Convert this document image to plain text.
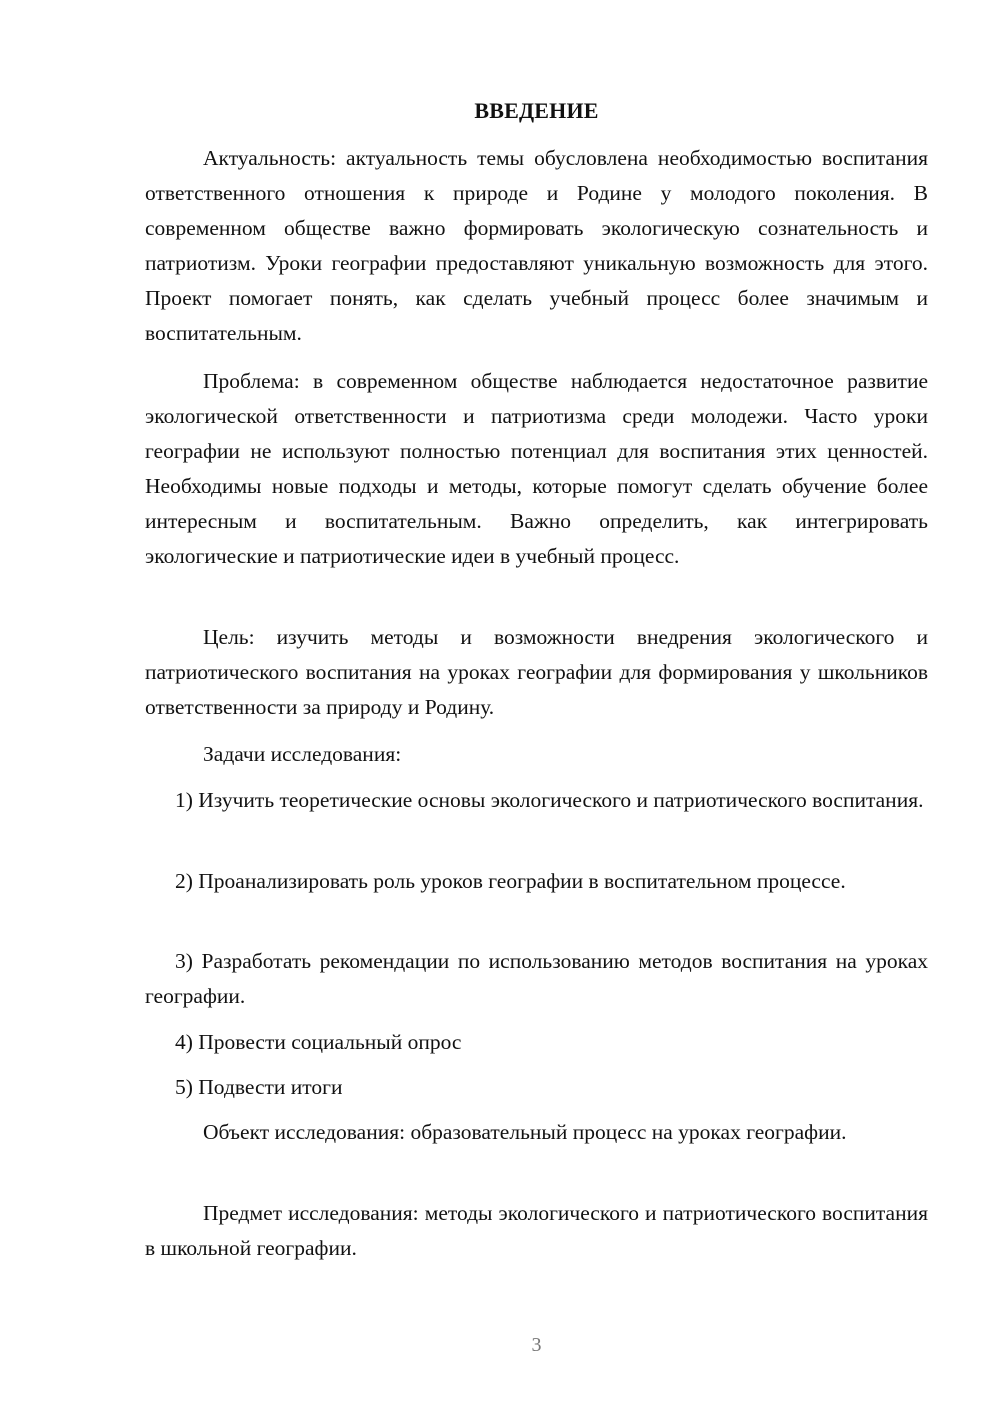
ВВЕДЕНИЕ

Актуальность: актуальность темы обусловлена необходимостью воспитания ответственного отношения к природе и Родине у молодого поколения. В современном обществе важно формировать экологическую сознательность и патриотизм. Уроки географии предоставляют уникальную возможность для этого. Проект помогает понять, как сделать учебный процесс более значимым и воспитательным.

Проблема: в современном обществе наблюдается недостаточное развитие экологической ответственности и патриотизма среди молодежи. Часто уроки географии не используют полностью потенциал для воспитания этих ценностей. Необходимы новые подходы и методы, которые помогут сделать обучение более интересным и воспитательным. Важно определить, как интегрировать экологические и патриотические идеи в учебный процесс.

Цель: изучить методы и возможности внедрения экологического и патриотического воспитания на уроках географии для формирования у школьников ответственности за природу и Родину.

Задачи исследования:

1) Изучить теоретические основы экологического и патриотического воспитания.

2) Проанализировать роль уроков географии в воспитательном процессе.

3) Разработать рекомендации по использованию методов воспитания на уроках географии.

4) Провести социальный опрос

5) Подвести итоги

Объект исследования: образовательный процесс на уроках географии.

Предмет исследования: методы экологического и патриотического воспитания в школьной географии.

3
